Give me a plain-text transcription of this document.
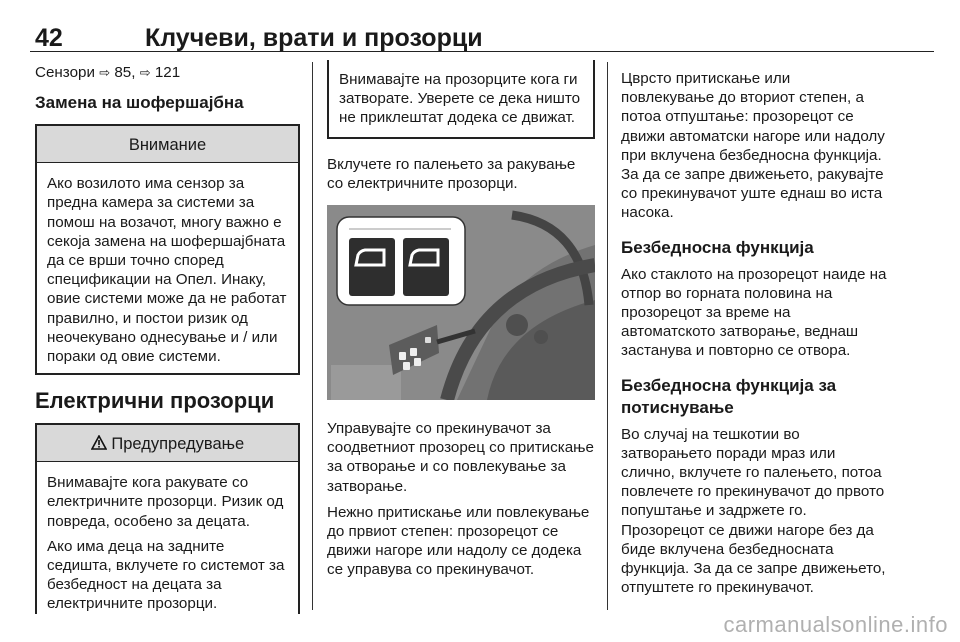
42	Клучеви, врати и прозорци

Сензори ⇨ 85, ⇨ 121

Замена на шофершајбна
Внимание

Ако возилото има сензор за предна камера за системи за помош на возачот, многу важно е секоја замена на шофершајбната да се врши точно според спецификации на Опел. Инаку, овие системи може да не работат правилно, и постои ризик од неочекувано однесување и / или пораки од овие системи.

Електрични прозорци
Предупредување

Внимавајте кога ракувате со електричните прозорци. Ризик од повреда, особено за децата.

Ако има деца на задните седишта, вклучете го системот за безбедност на децата за електричните прозорци.

Внимавајте на прозорците кога ги затворате. Уверете се дека ништо не приклештат додека се движат.

Вклучете го палењето за ракување со електричните прозорци.

Управувајте со прекинувачот за соодветниот прозорец со притискање за отворање и со повлекување за затворање.

Нежно притискање или повлекување до првиот степен: прозорецот се движи нагоре или надолу се додека се управува со прекинувачот.

Цврсто притискање или повлекување до вториот степен, а потоа отпуштање: прозорецот се движи автоматски нагоре или надолу при вклучена безбедносна функција. За да се запре движењето, ракувајте со прекинувачот уште еднаш во иста насока.

Безбедносна функција

Ако стаклото на прозорецот наиде на отпор во горната половина на прозорецот за време на автоматското затворање, веднаш застанува и повторно се отвора.

Безбедносна функција за потиснување

Во случај на тешкотии во затворањето поради мраз или слично, вклучете го палењето, потоа повлечете го прекинувачот до првото попуштање и задржете го. Прозорецот се движи нагоре без да биде вклучена безбедносната функција. За да се запре движењето, отпуштете го прекинувачот.

carmanualsonline.info
